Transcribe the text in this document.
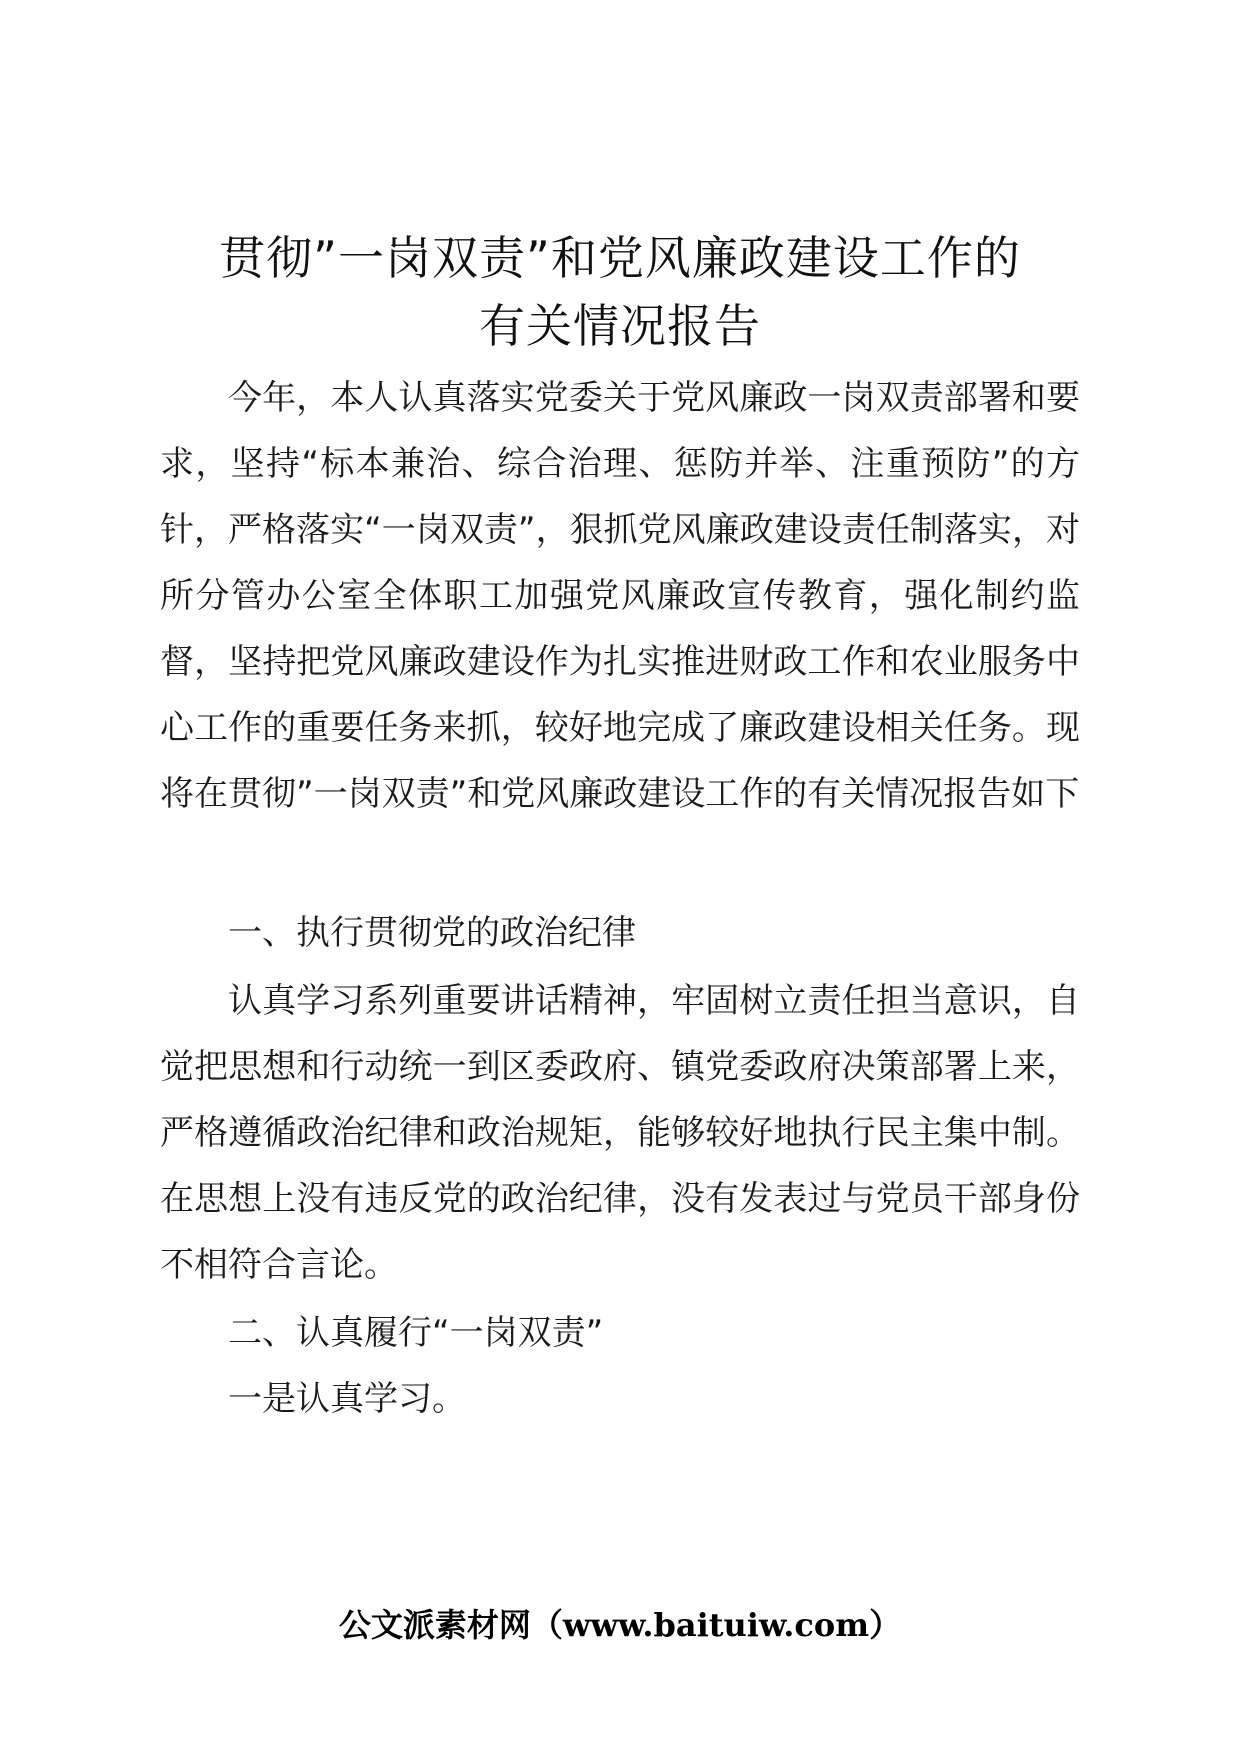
贯彻”一岗双责”和党风廉政建设工作的
有关情况报告
今年，本人认真落实党委关于党风廉政一岗双责部署和要求，坚持“标本兼治、综合治理、惩防并举、注重预防”的方针，严格落实“一岗双责”，狠抓党风廉政建设责任制落实，对所分管办公室全体职工加强党风廉政宣传教育，强化制约监督，坚持把党风廉政建设作为扎实推进财政工作和农业服务中心工作的重要任务来抓，较好地完成了廉政建设相关任务。现将在贯彻”一岗双责”和党风廉政建设工作的有关情况报告如下
一、执行贯彻党的政治纪律
认真学习系列重要讲话精神，牢固树立责任担当意识，自觉把思想和行动统一到区委政府、镇党委政府决策部署上来，严格遵循政治纪律和政治规矩，能够较好地执行民主集中制。在思想上没有违反党的政治纪律，没有发表过与党员干部身份不相符合言论。
二、认真履行“一岗双责”
一是认真学习。
公文派素材网（www.baituiw.com）
